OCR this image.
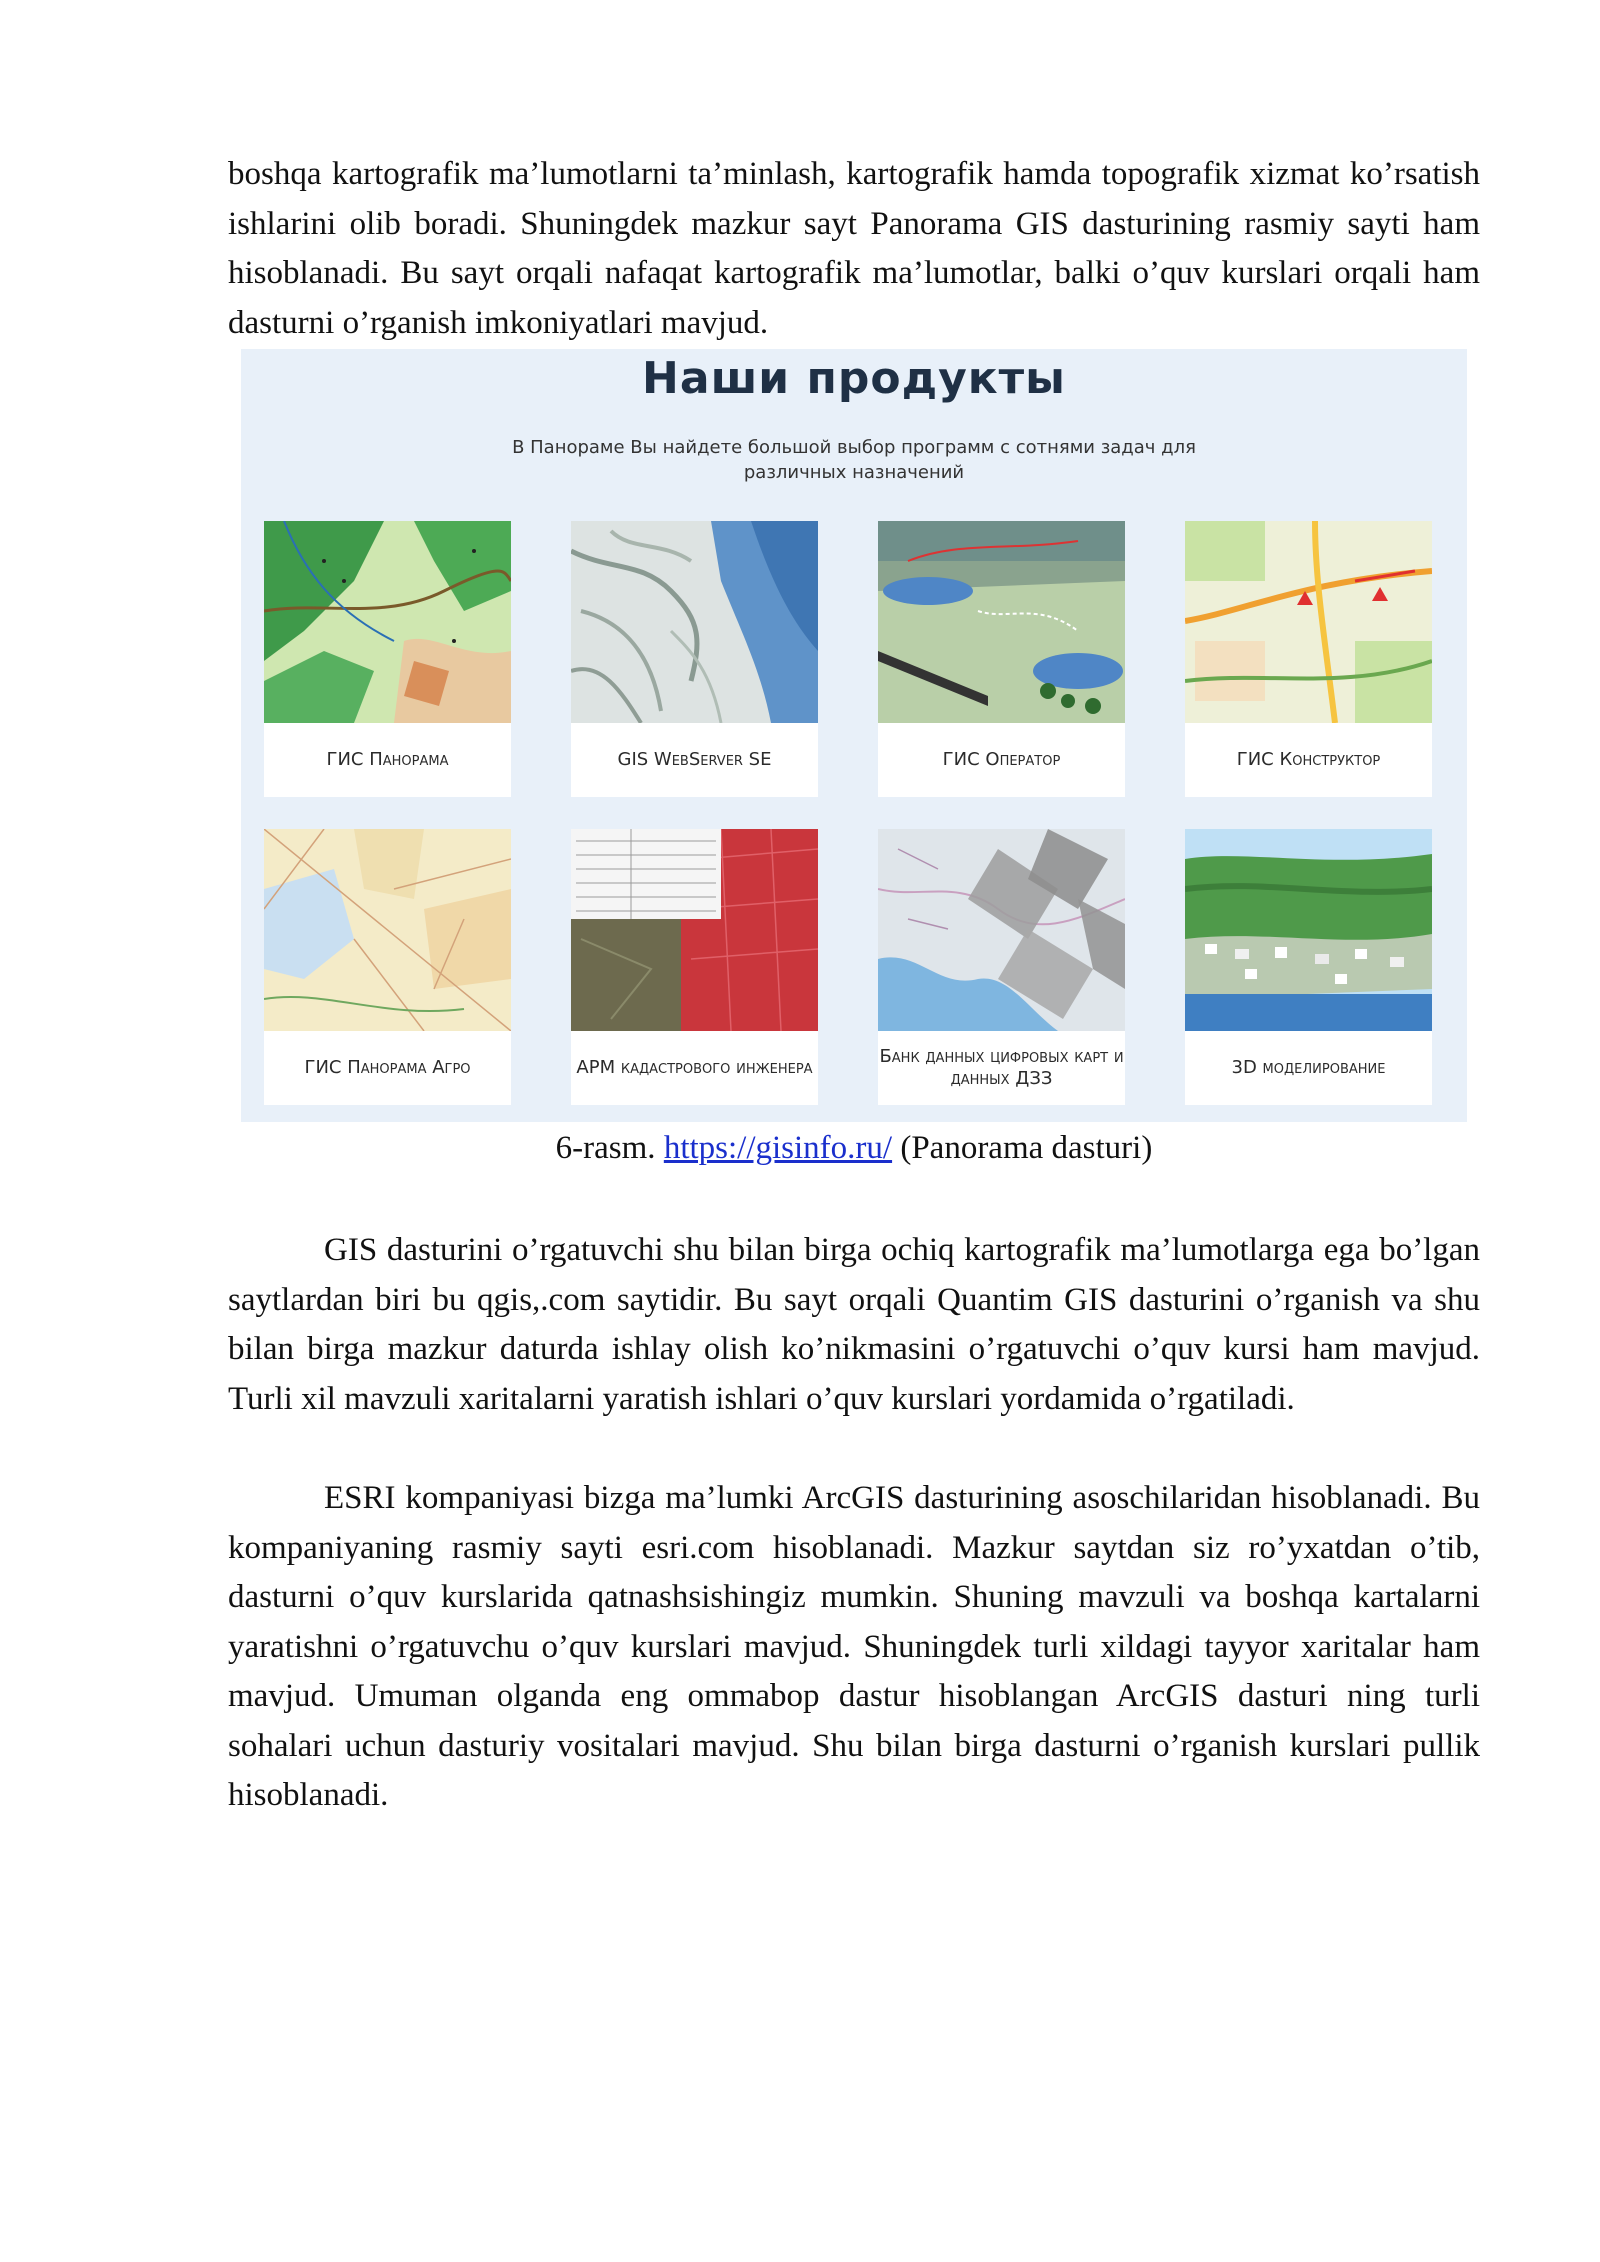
boshqa kartografik ma’lumotlarni ta’minlash, kartografik hamda topografik xizmat ko’rsatish ishlarini olib boradi. Shuningdek mazkur sayt Panorama GIS dasturining rasmiy sayti ham hisoblanadi. Bu sayt orqali nafaqat kartografik ma’lumotlar, balki o’quv kurslari orqali ham dasturni o’rganish imkoniyatlari mavjud.

Наши продукты
В Панораме Вы найдете большой выбор программ с сотнями задач для различных назначений
ГИС Панорама	GIS WebServer SE	ГИС Оператор	ГИС Конструктор
ГИС Панорама Агро	АРМ кадастрового инженера
Банк данных цифровых карт и данных ДЗЗ
3D моделирование
6-rasm. https://gisinfo.ru/ (Panorama dasturi)

GIS dasturini o’rgatuvchi shu bilan birga ochiq kartografik ma’lumotlarga ega bo’lgan saytlardan biri bu qgis,.com saytidir. Bu sayt orqali Quantim GIS dasturini o’rganish va shu bilan birga mazkur daturda ishlay olish ko’nikmasini o’rgatuvchi o’quv kursi ham mavjud. Turli xil mavzuli xaritalarni yaratish ishlari o’quv kurslari yordamida o’rgatiladi.

ESRI kompaniyasi bizga ma’lumki ArcGIS dasturining asoschilaridan hisoblanadi. Bu kompaniyaning rasmiy sayti esri.com hisoblanadi. Mazkur saytdan siz ro’yxatdan o’tib, dasturni o’quv kurslarida qatnashsishingiz mumkin. Shuning mavzuli va boshqa kartalarni yaratishni o’rgatuvchu o’quv kurslari mavjud. Shuningdek turli xildagi tayyor xaritalar ham mavjud. Umuman olganda eng ommabop dastur hisoblangan ArcGIS dasturi ning turli sohalari uchun dasturiy vositalari mavjud. Shu bilan birga dasturni o’rganish kurslari pullik hisoblanadi.
